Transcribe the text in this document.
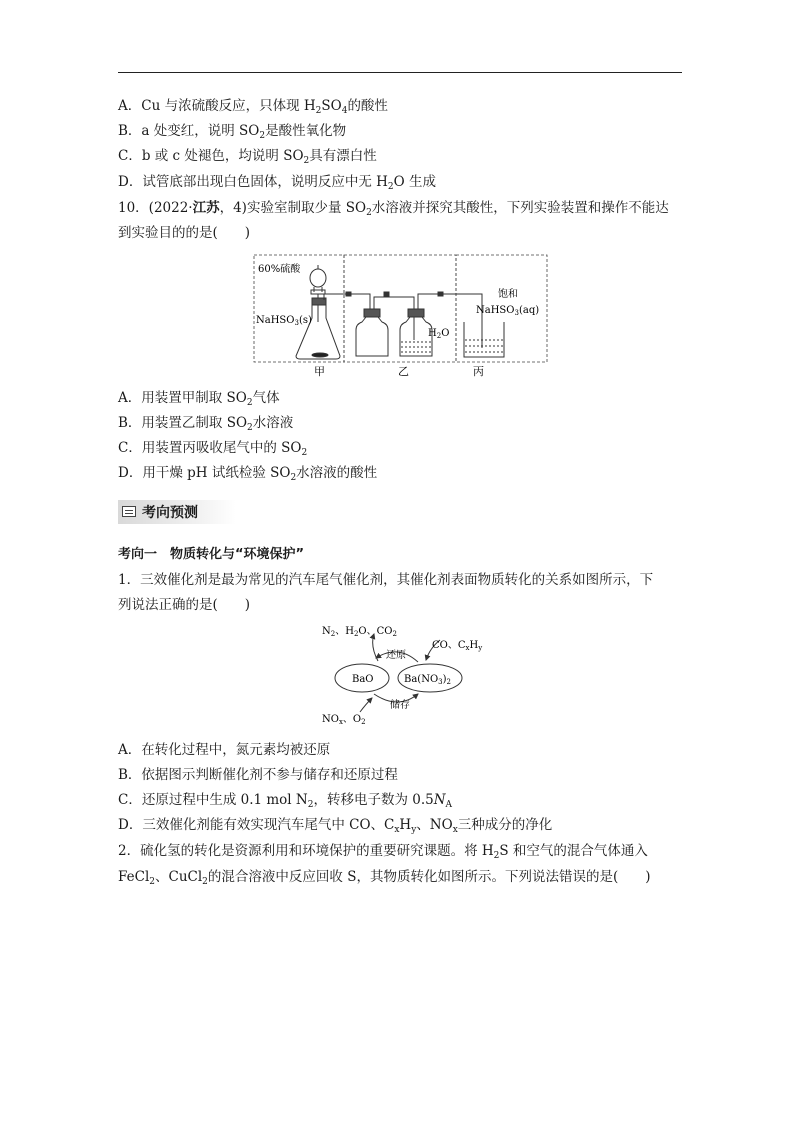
A．Cu 与浓硫酸反应，只体现 $H_2SO_4$的酸性
B．a 处变红，说明 $SO_2$是酸性氧化物
C．b 或 c 处褪色，均说明 $SO_2$具有漂白性
D．试管底部出现白色固体，说明反应中无 $H_2O$ 生成
10．(2022·江苏，4)实验室制取少量 $SO_2$水溶液并探究其酸性，下列实验装置和操作不能达
到实验目的的是(　　)
60%硫酸
NaHSO$_3$(s)
$H_2O$
饱和
NaHSO$_3$(aq)
甲	乙	丙
A．用装置甲制取 $SO_2$气体
B．用装置乙制取 $SO_2$水溶液
C．用装置丙吸收尾气中的 $SO_2$
D．用干燥 pH 试纸检验 $SO_2$水溶液的酸性
考向预测
考向一　物质转化与“环境保护”
1．三效催化剂是最为常见的汽车尾气催化剂，其催化剂表面物质转化的关系如图所示，下
列说法正确的是(　　)
$N_2$、$H_2O$、$CO_2$
CO、$C_xH_y$
还原
BaO	$Ba(NO_3)_2$
储存
$NO_x$、$O_2$
A．在转化过程中，氮元素均被还原
B．依据图示判断催化剂不参与储存和还原过程
C．还原过程中生成 0.1 mol $N_2$，转移电子数为 $0.5N_A$
D．三效催化剂能有效实现汽车尾气中 CO、$C_xH_y$、$NO_x$三种成分的净化
2．硫化氢的转化是资源利用和环境保护的重要研究课题。将 $H_2S$ 和空气的混合气体通入
FeCl$_2$、CuCl$_2$的混合溶液中反应回收 S，其物质转化如图所示。下列说法错误的是(　　)
